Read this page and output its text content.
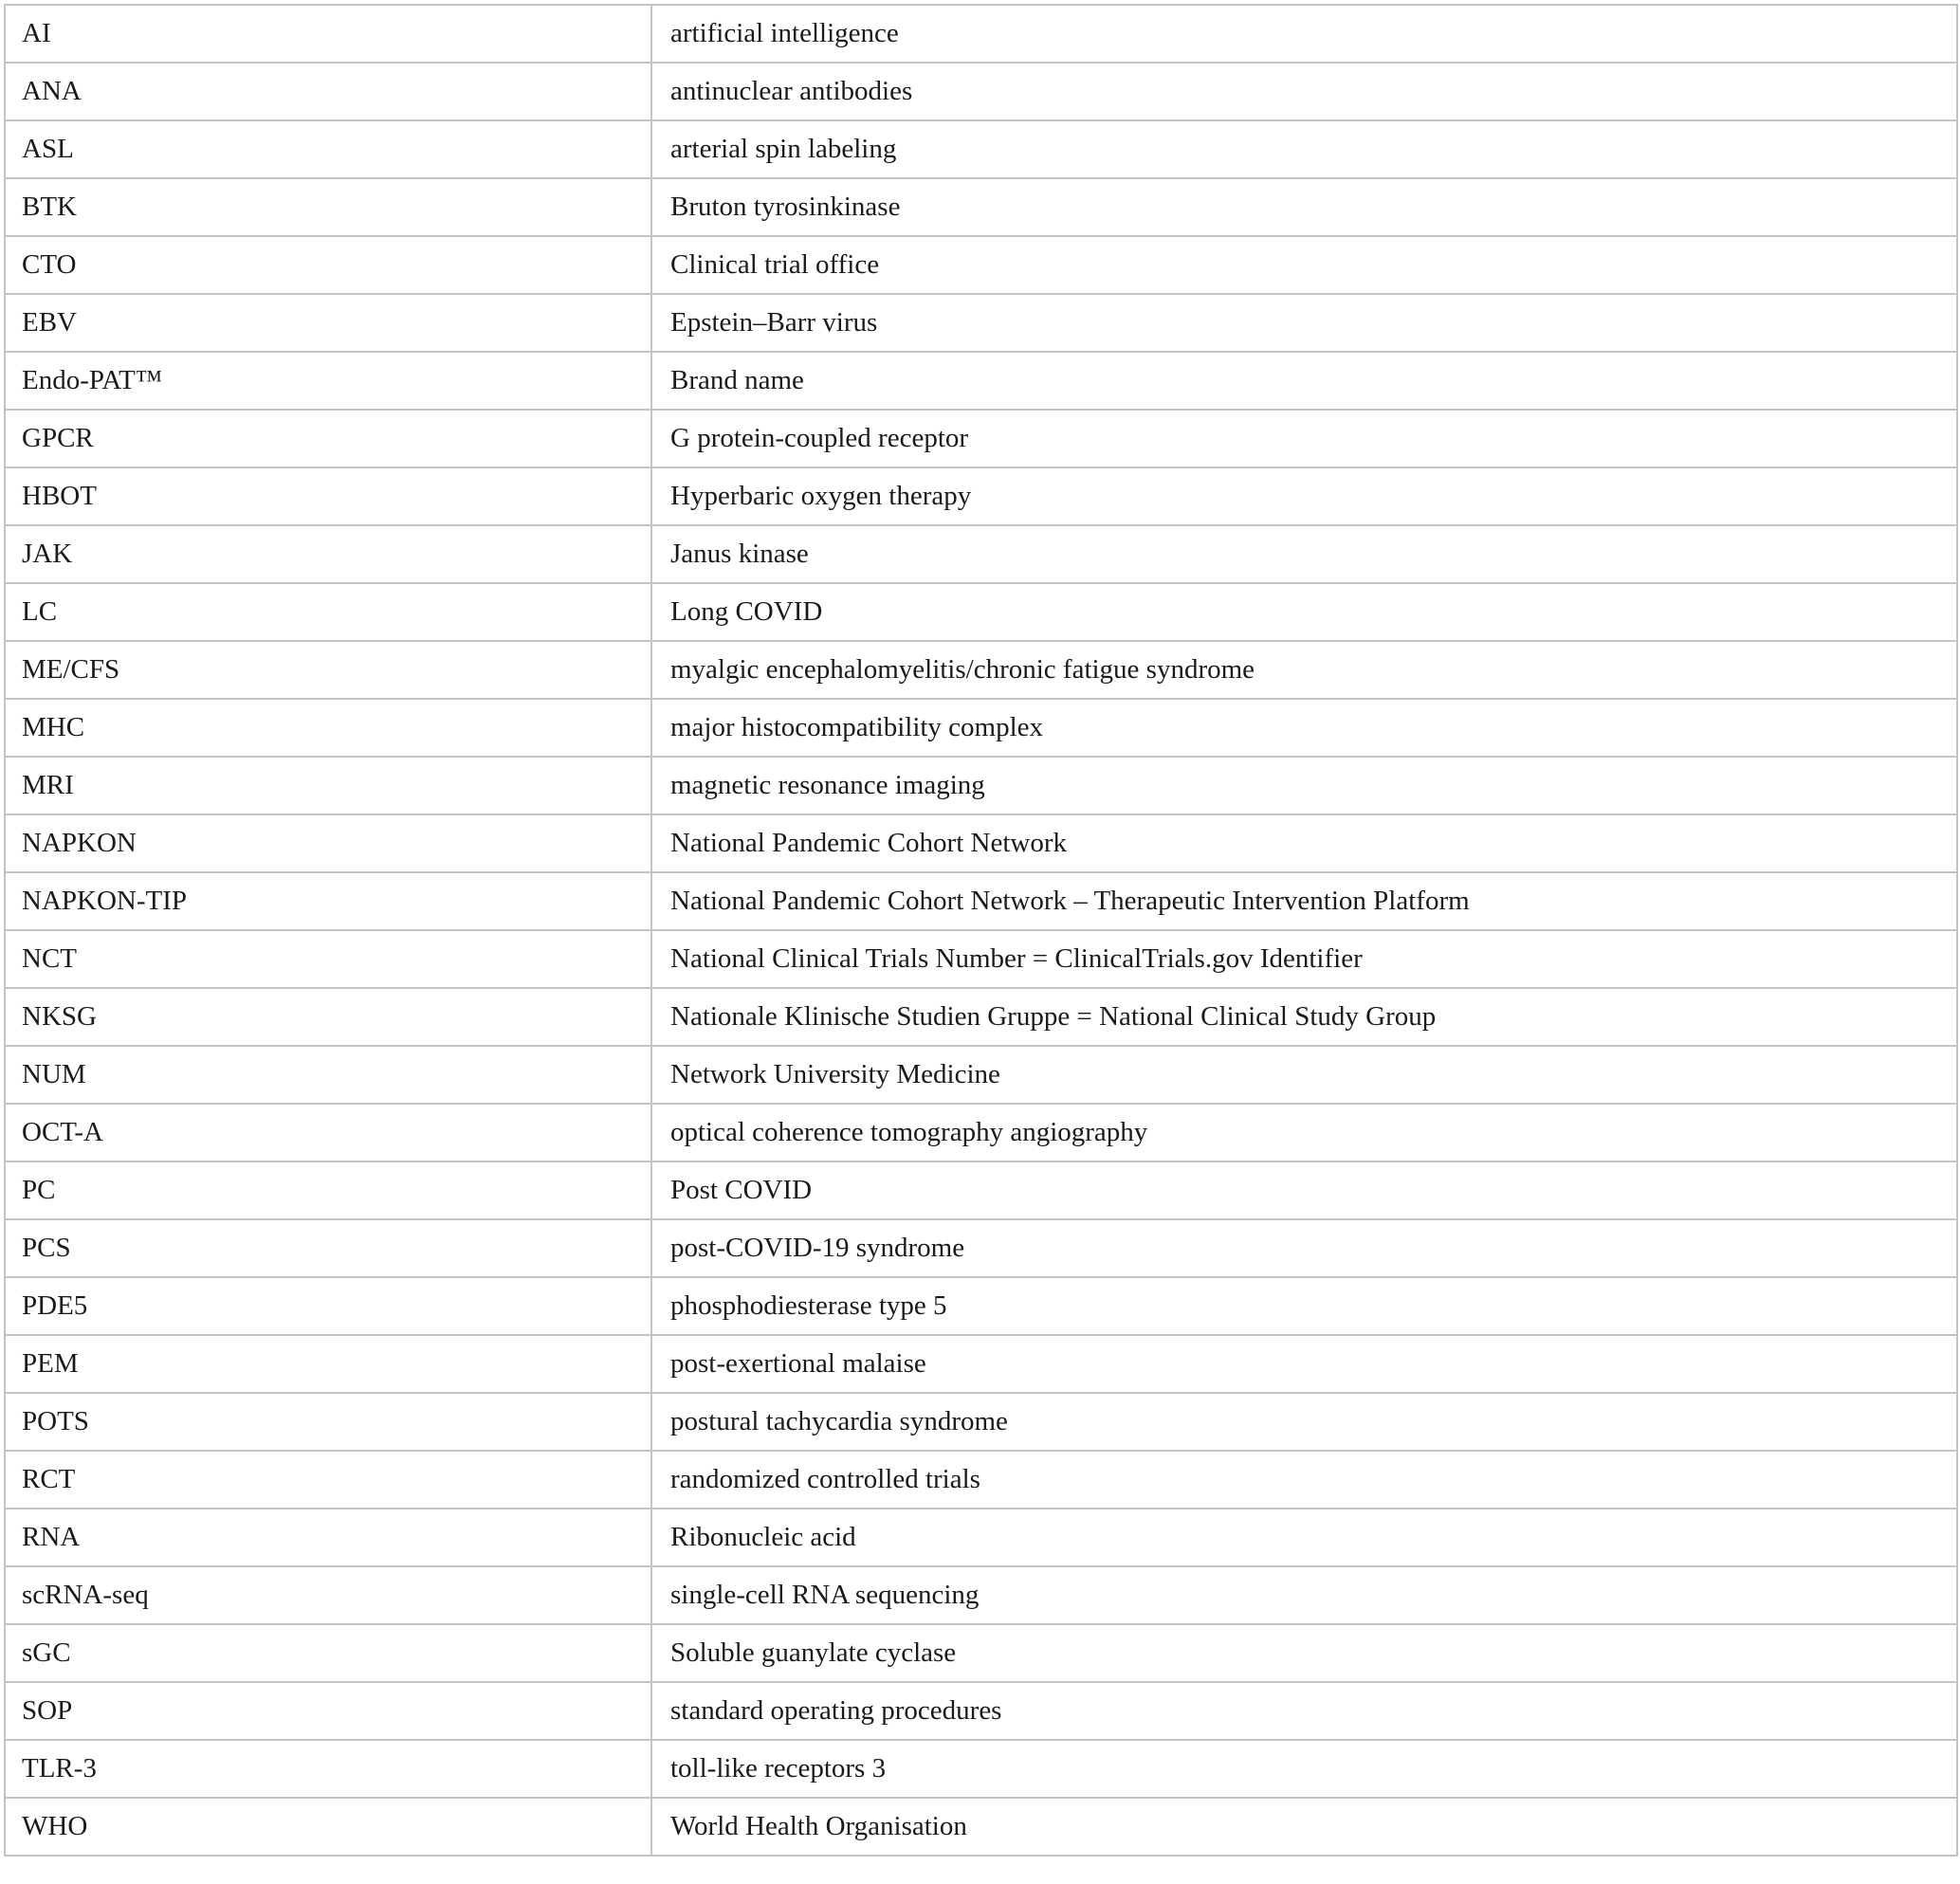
AI	artificial intelligence
ANA	antinuclear antibodies
ASL	arterial spin labeling
BTK	Bruton tyrosinkinase
CTO	Clinical trial office
EBV	Epstein–Barr virus
Endo-PAT™	Brand name
GPCR	G protein-coupled receptor
HBOT	Hyperbaric oxygen therapy
JAK	Janus kinase
LC	Long COVID
ME/CFS	myalgic encephalomyelitis/chronic fatigue syndrome
MHC	major histocompatibility complex
MRI	magnetic resonance imaging
NAPKON	National Pandemic Cohort Network
NAPKON-TIP	National Pandemic Cohort Network – Therapeutic Intervention Platform
NCT	National Clinical Trials Number = ClinicalTrials.gov Identifier
NKSG	Nationale Klinische Studien Gruppe = National Clinical Study Group
NUM	Network University Medicine
OCT-A	optical coherence tomography angiography
PC	Post COVID
PCS	post-COVID-19 syndrome
PDE5	phosphodiesterase type 5
PEM	post-exertional malaise
POTS	postural tachycardia syndrome
RCT	randomized controlled trials
RNA	Ribonucleic acid
scRNA-seq	single-cell RNA sequencing
sGC	Soluble guanylate cyclase
SOP	standard operating procedures
TLR-3	toll-like receptors 3
WHO	World Health Organisation
